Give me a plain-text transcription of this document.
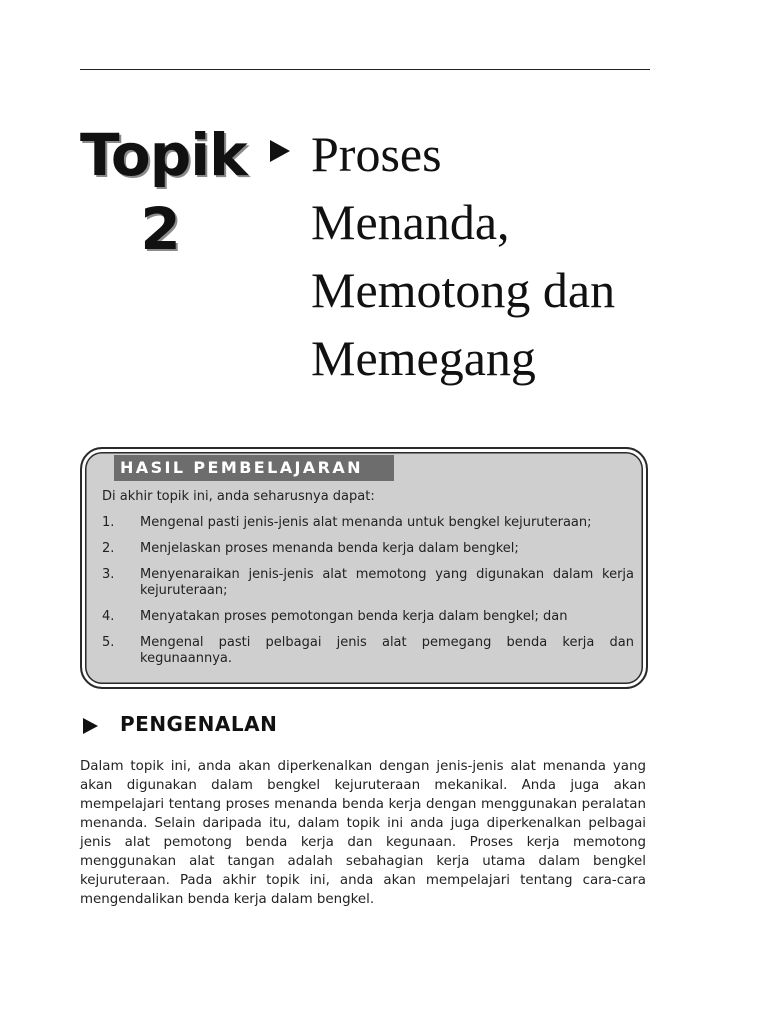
Topik
2
Proses
Menanda,
Memotong dan
Memegang
HASIL PEMBELAJARAN
Di akhir topik ini, anda seharusnya dapat:
1.	Mengenal pasti jenis-jenis alat menanda untuk bengkel kejuruteraan;
2.	Menjelaskan proses menanda benda kerja dalam bengkel;
3.	Menyenaraikan jenis-jenis alat memotong yang digunakan dalam kerja kejuruteraan;
4.	Menyatakan proses pemotongan benda kerja dalam bengkel; dan
5.	Mengenal pasti pelbagai jenis alat pemegang benda kerja dan kegunaannya.
PENGENALAN

Dalam topik ini, anda akan diperkenalkan dengan jenis-jenis alat menanda yang akan digunakan dalam bengkel kejuruteraan mekanikal. Anda juga akan mempelajari tentang proses menanda benda kerja dengan menggunakan peralatan menanda. Selain daripada itu, dalam topik ini anda juga diperkenalkan pelbagai jenis alat pemotong benda kerja dan kegunaan. Proses kerja memotong menggunakan alat tangan adalah sebahagian kerja utama dalam bengkel kejuruteraan. Pada akhir topik ini, anda akan mempelajari tentang cara-cara mengendalikan benda kerja dalam bengkel.
